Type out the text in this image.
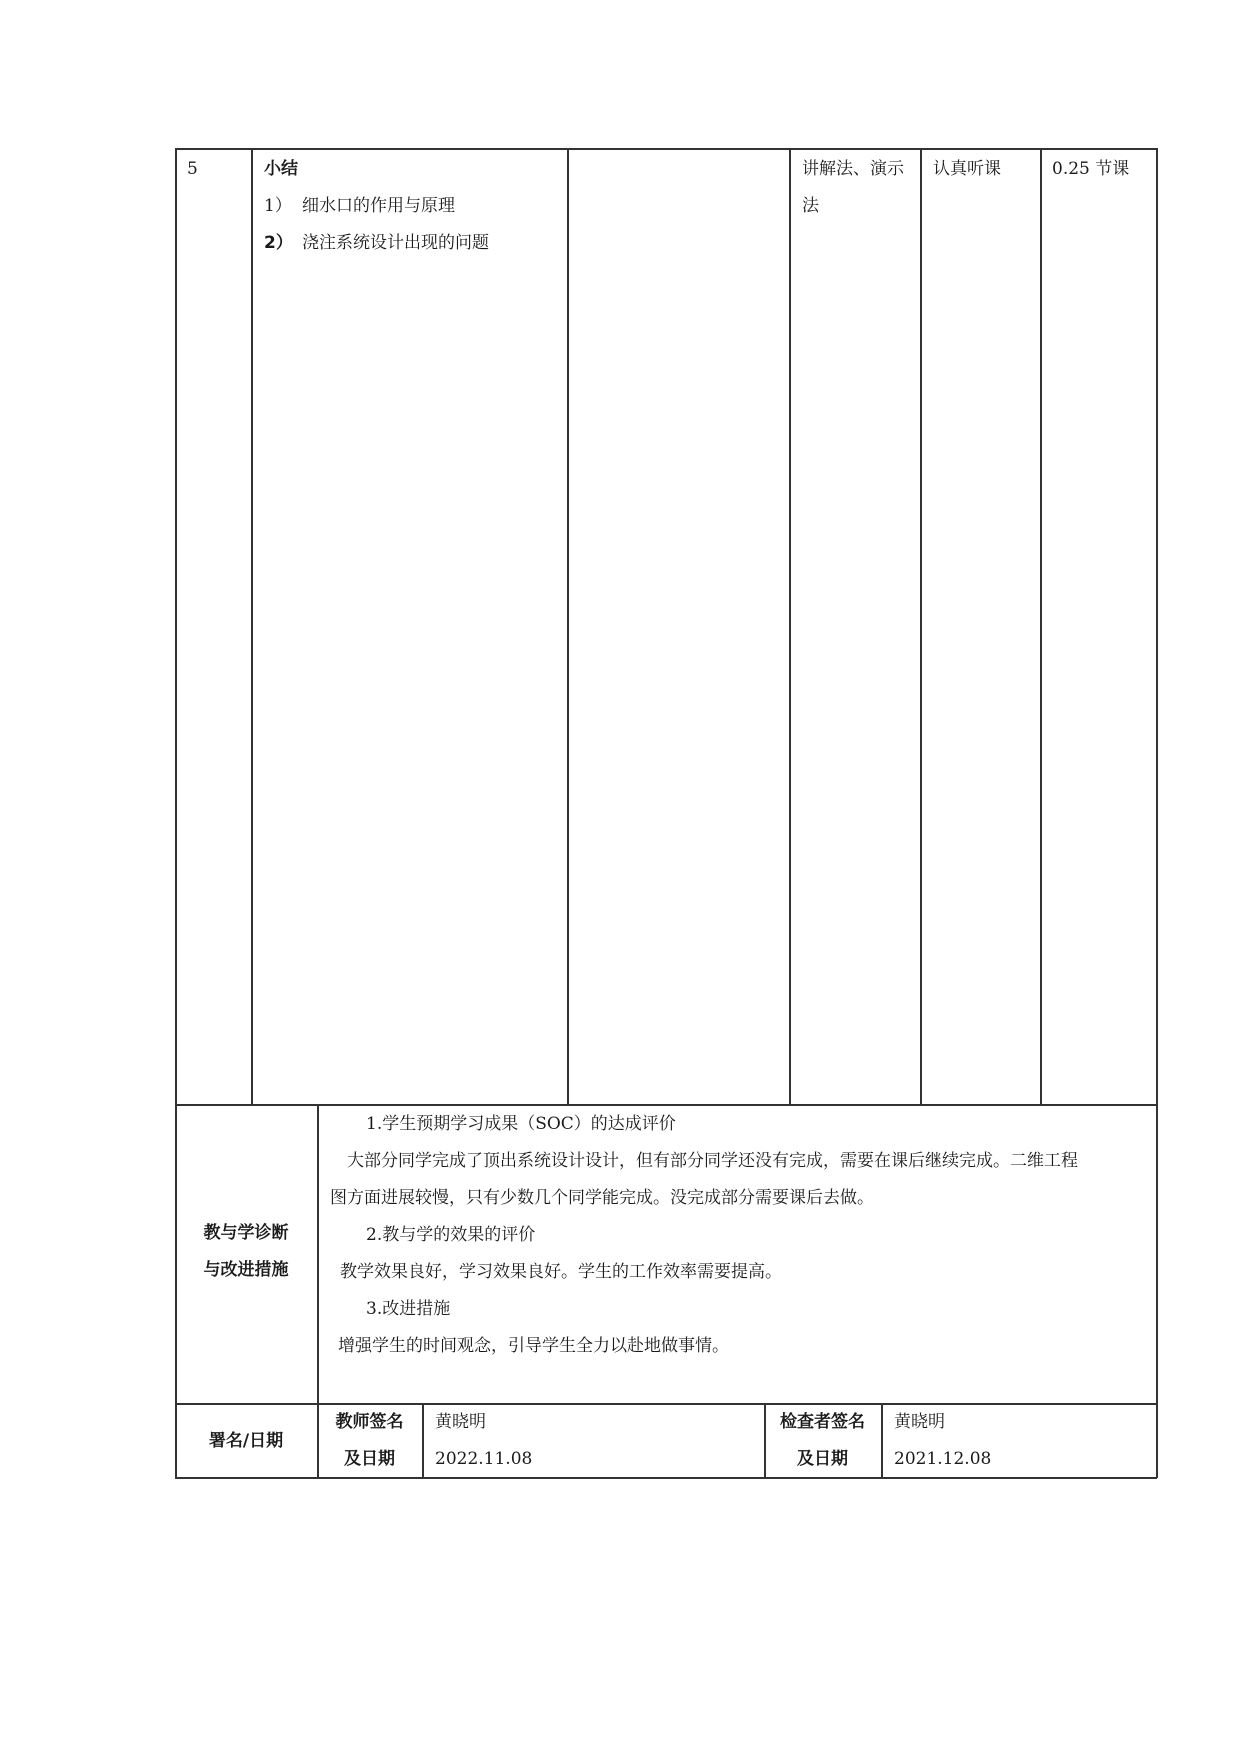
5	小结
1） 细水口的作用与原理
2） 浇注系统设计出现的问题
讲解法、演示
法
认真听课	0.25 节课
教与学诊断
与改进措施
1.学生预期学习成果（SOC）的达成评价
大部分同学完成了顶出系统设计设计，但有部分同学还没有完成，需要在课后继续完成。二维工程
图方面进展较慢，只有少数几个同学能完成。没完成部分需要课后去做。
2.教与学的效果的评价
教学效果良好，学习效果良好。学生的工作效率需要提高。
3.改进措施
增强学生的时间观念，引导学生全力以赴地做事情。
署名/日期
教师签名
及日期
黄晓明
2022.11.08
检查者签名
及日期
黄晓明
2021.12.08
